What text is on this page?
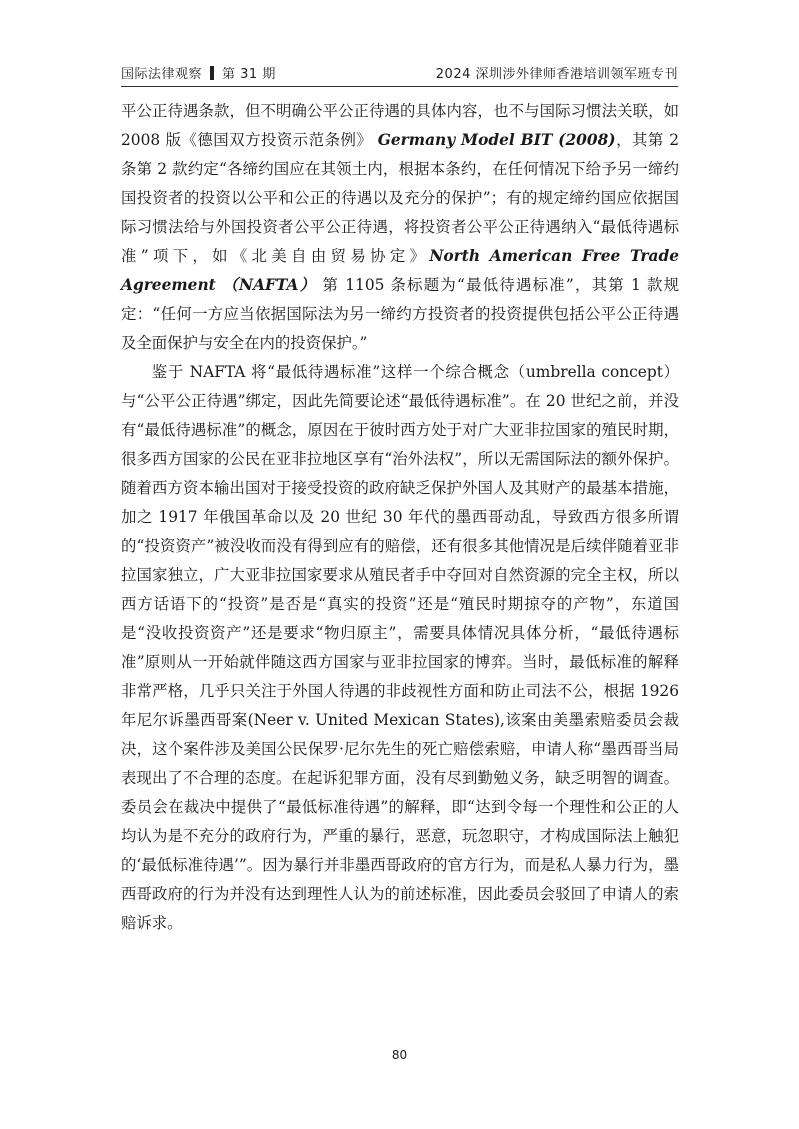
国际法律观察 第 31 期	2024 深圳涉外律师香港培训领军班专刊

平公正待遇条款，但不明确公平公正待遇的具体内容，也不与国际习惯法关联，如 2008 版《德国双方投资示范条例》 Germany Model BIT (2008)，其第 2 条第 2 款约定“各缔约国应在其领土内，根据本条约，在任何情况下给予另一缔约国投资者的投资以公平和公正的待遇以及充分的保护”；有的规定缔约国应依据国际习惯法给与外国投资者公平公正待遇，将投资者公平公正待遇纳入“最低待遇标准”项下，如《北美自由贸易协定》North American Free Trade Agreement （NAFTA） 第 1105 条标题为“最低待遇标准”，其第 1 款规定：“任何一方应当依据国际法为另一缔约方投资者的投资提供包括公平公正待遇及全面保护与安全在内的投资保护。”

鉴于 NAFTA 将“最低待遇标准”这样一个综合概念（umbrella concept）与“公平公正待遇”绑定，因此先简要论述“最低待遇标准”。在 20 世纪之前，并没有“最低待遇标准”的概念，原因在于彼时西方处于对广大亚非拉国家的殖民时期，很多西方国家的公民在亚非拉地区享有“治外法权”，所以无需国际法的额外保护。随着西方资本输出国对于接受投资的政府缺乏保护外国人及其财产的最基本措施，加之 1917 年俄国革命以及 20 世纪 30 年代的墨西哥动乱，导致西方很多所谓的“投资资产”被没收而没有得到应有的赔偿，还有很多其他情况是后续伴随着亚非拉国家独立，广大亚非拉国家要求从殖民者手中夺回对自然资源的完全主权，所以西方话语下的“投资”是否是“真实的投资”还是“殖民时期掠夺的产物”，东道国是“没收投资资产”还是要求“物归原主”，需要具体情况具体分析，“最低待遇标准”原则从一开始就伴随这西方国家与亚非拉国家的博弈。当时，最低标准的解释非常严格，几乎只关注于外国人待遇的非歧视性方面和防止司法不公，根据 1926 年尼尔诉墨西哥案(Neer v. United Mexican States),该案由美墨索赔委员会裁决，这个案件涉及美国公民保罗·尼尔先生的死亡赔偿索赔，申请人称“墨西哥当局表现出了不合理的态度。在起诉犯罪方面，没有尽到勤勉义务，缺乏明智的调查。委员会在裁决中提供了“最低标准待遇”的解释，即“达到令每一个理性和公正的人均认为是不充分的政府行为，严重的暴行，恶意，玩忽职守，才构成国际法上触犯的‘最低标准待遇’”。因为暴行并非墨西哥政府的官方行为，而是私人暴力行为，墨西哥政府的行为并没有达到理性人认为的前述标准，因此委员会驳回了申请人的索赔诉求。

80
